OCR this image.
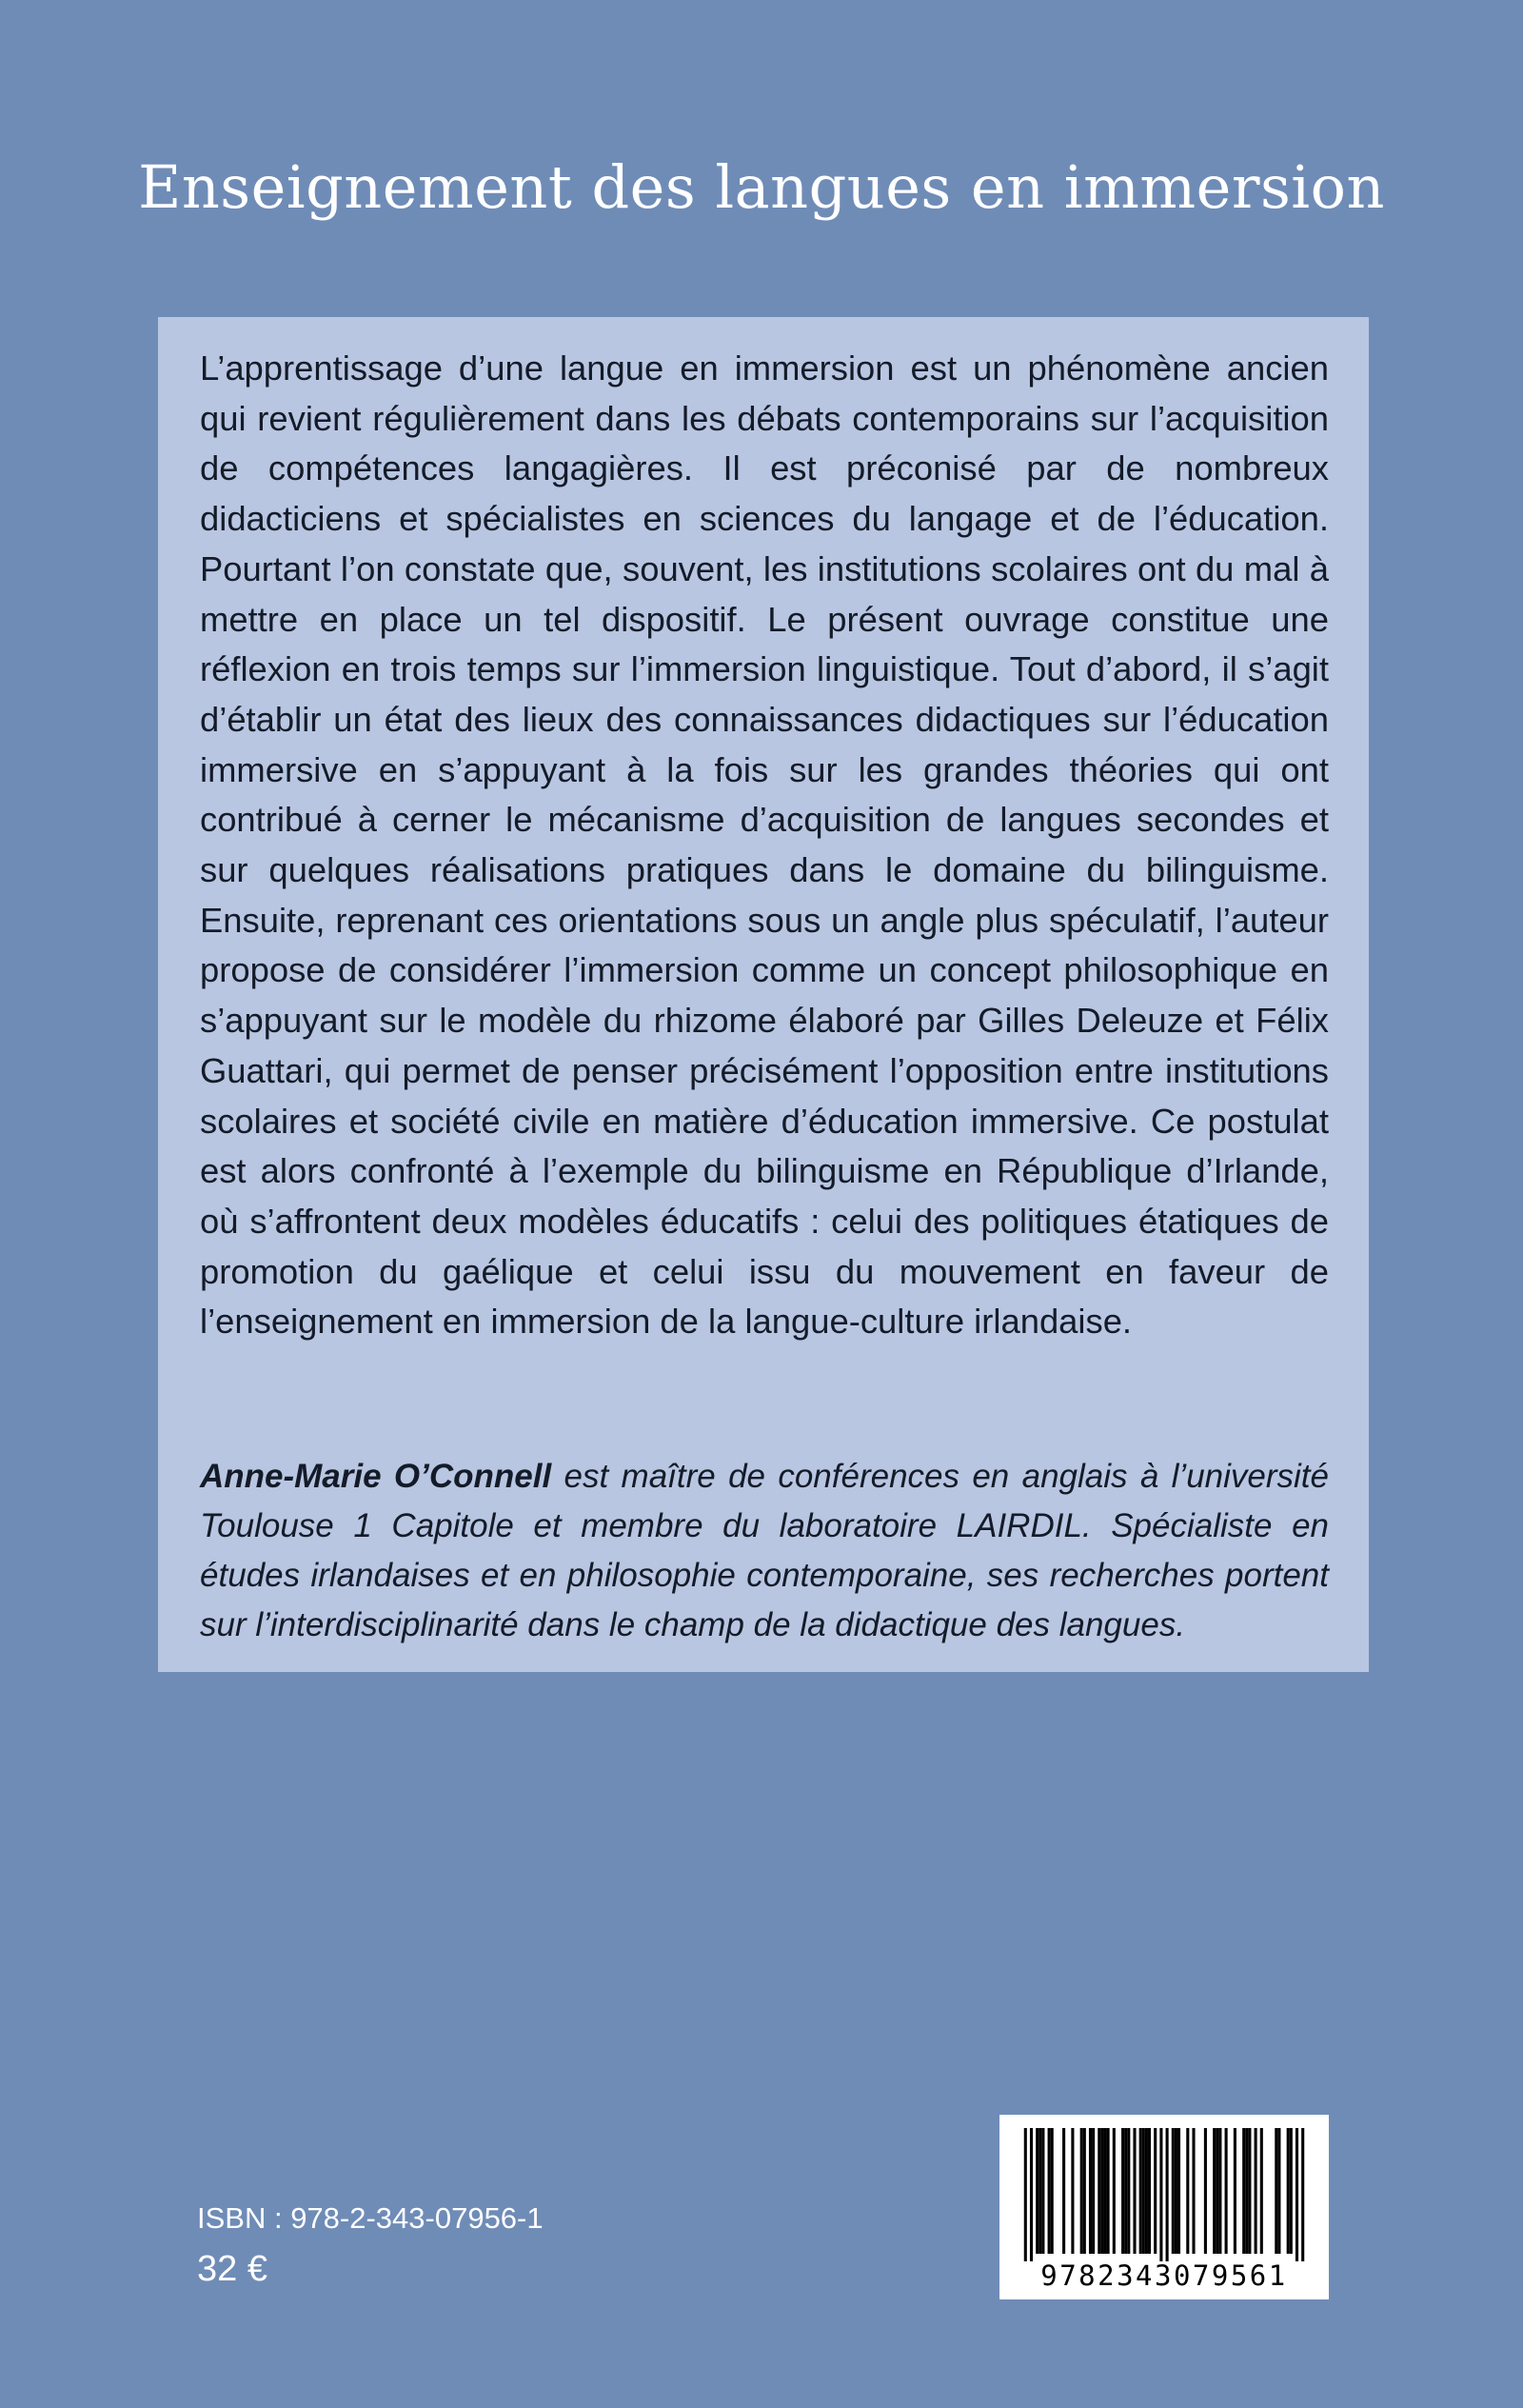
Enseignement des langues en immersion

L’apprentissage d’une langue en immersion est un phénomène ancien qui revient régulièrement dans les débats contemporains sur l’acquisition de compétences langagières. Il est préconisé par de nombreux didacticiens et spécialistes en sciences du langage et de l’éducation. Pourtant l’on constate que, souvent, les institutions scolaires ont du mal à mettre en place un tel dispositif. Le présent ouvrage constitue une réflexion en trois temps sur l’immersion linguistique. Tout d’abord, il s’agit d’établir un état des lieux des connaissances didactiques sur l’éducation immersive en s’appuyant à la fois sur les grandes théories qui ont contribué à cerner le mécanisme d’acquisition de langues secondes et sur quelques réalisations pratiques dans le domaine du bilinguisme. Ensuite, reprenant ces orientations sous un angle plus spéculatif, l’auteur propose de considérer l’immersion comme un concept philosophique en s’appuyant sur le modèle du rhizome élaboré par Gilles Deleuze et Félix Guattari, qui permet de penser précisément l’opposition entre institutions scolaires et société civile en matière d’éducation immersive. Ce postulat est alors confronté à l’exemple du bilinguisme en République d’Irlande, où s’affrontent deux modèles éducatifs : celui des politiques étatiques de promotion du gaélique et celui issu du mouvement en faveur de l’enseignement en immersion de la langue-culture irlandaise.

Anne-Marie O’Connell est maître de conférences en anglais à l’université Toulouse 1 Capitole et membre du laboratoire LAIRDIL. Spécialiste en études irlandaises et en philosophie contemporaine, ses recherches portent sur l’interdisciplinarité dans le champ de la didactique des langues.

ISBN : 978-2-343-07956-1
32 €	9782343079561
